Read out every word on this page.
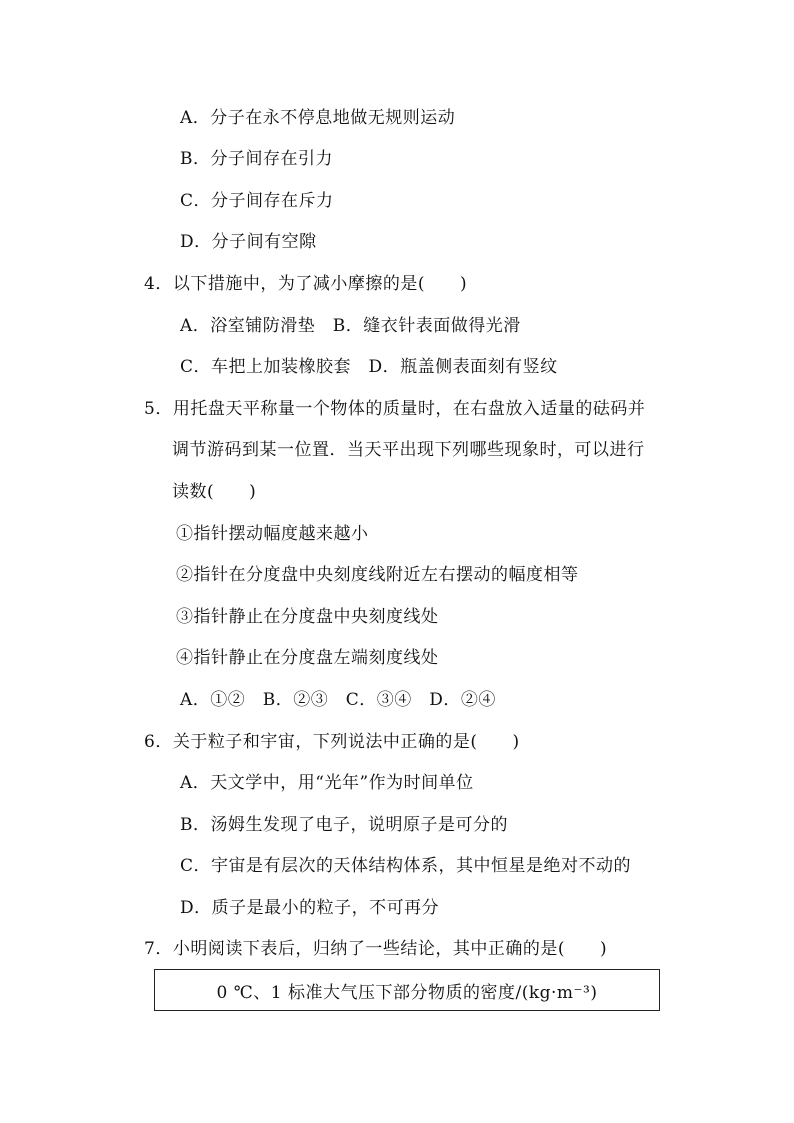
A．分子在永不停息地做无规则运动
B．分子间存在引力
C．分子间存在斥力
D．分子间有空隙
4．以下措施中，为了减小摩擦的是(　　)
A．浴室铺防滑垫　B．缝衣针表面做得光滑
C．车把上加装橡胶套　D．瓶盖侧表面刻有竖纹
5．用托盘天平称量一个物体的质量时，在右盘放入适量的砝码并
调节游码到某一位置．当天平出现下列哪些现象时，可以进行
读数(　　)
①指针摆动幅度越来越小
②指针在分度盘中央刻度线附近左右摆动的幅度相等
③指针静止在分度盘中央刻度线处
④指针静止在分度盘左端刻度线处
A．①②　B．②③　C．③④　D．②④
6．关于粒子和宇宙，下列说法中正确的是(　　)
A．天文学中，用“光年”作为时间单位
B．汤姆生发现了电子，说明原子是可分的
C．宇宙是有层次的天体结构体系，其中恒星是绝对不动的
D．质子是最小的粒子，不可再分
7．小明阅读下表后，归纳了一些结论，其中正确的是(　　)
0 ℃、1 标准大气压下部分物质的密度/(kg·m⁻³)
